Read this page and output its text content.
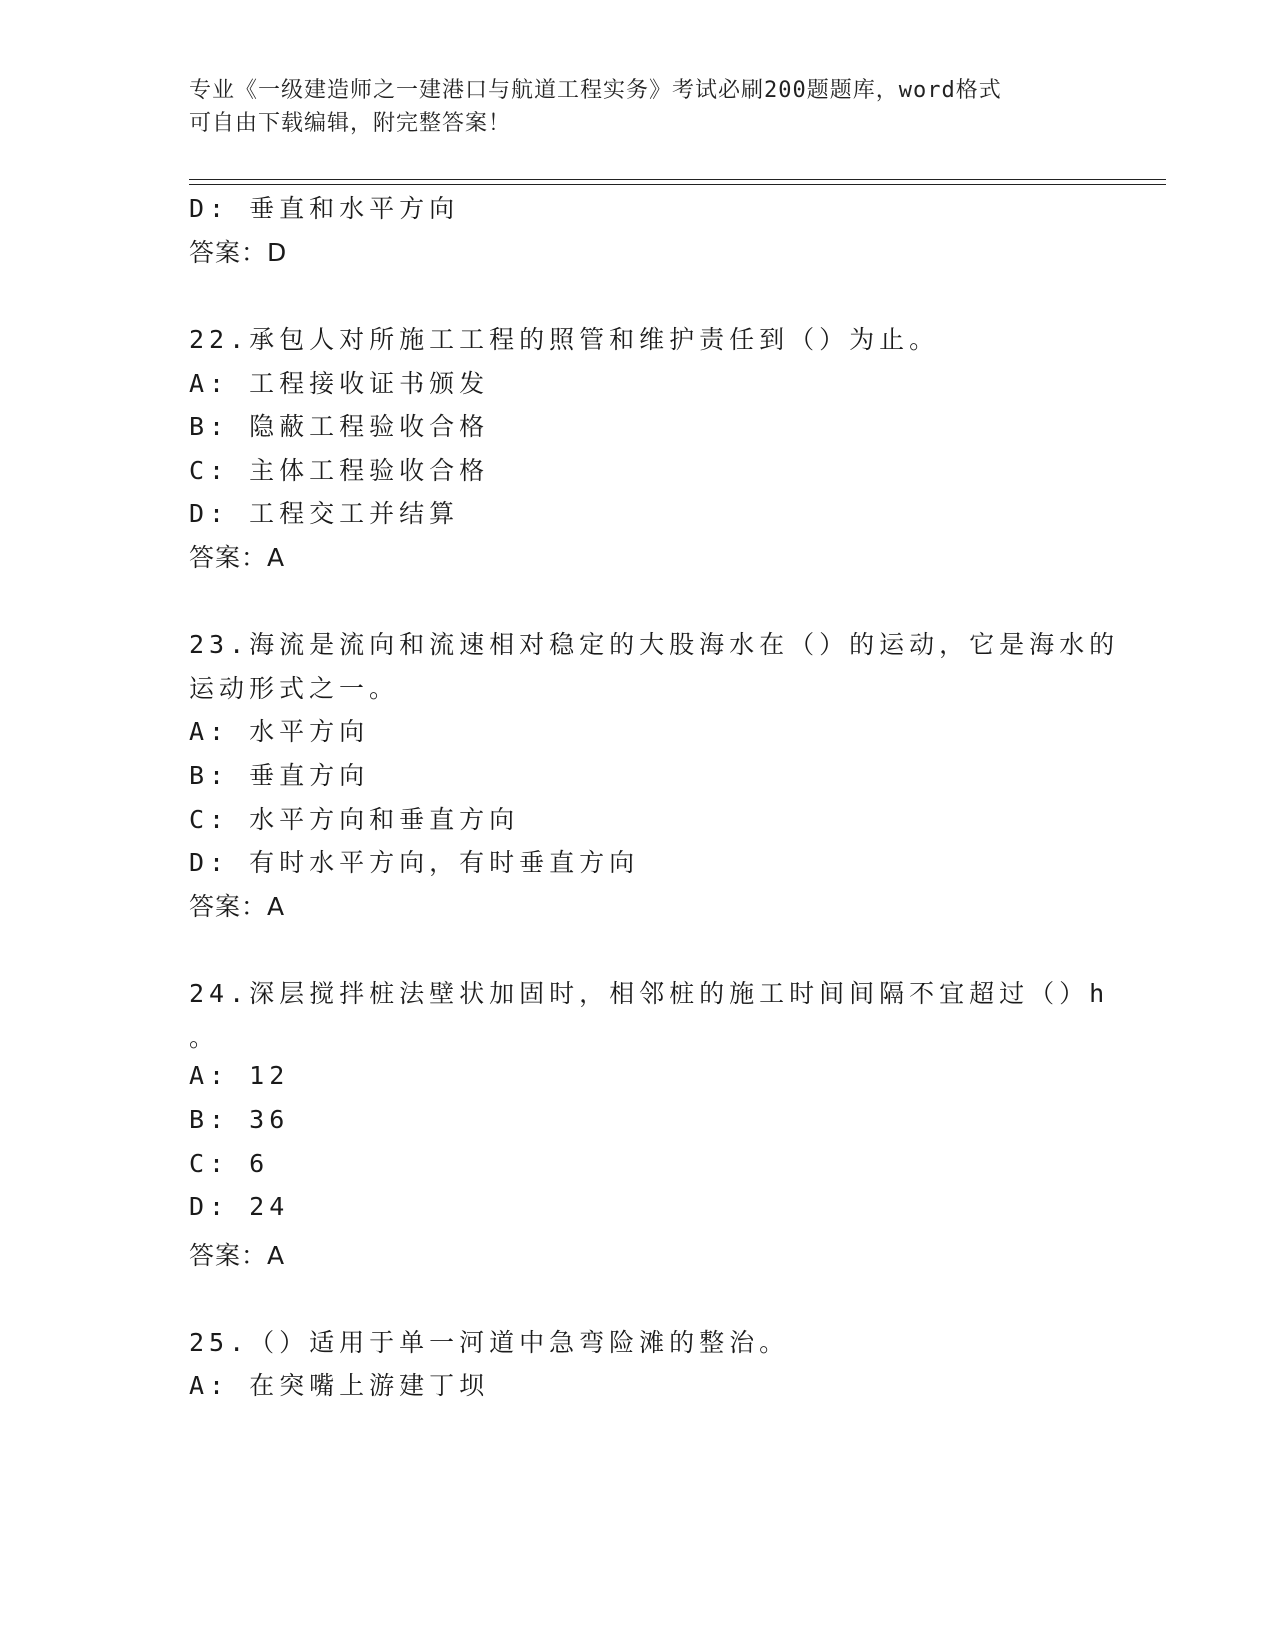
专业《一级建造师之一建港口与航道工程实务》考试必刷200题题库，word格式
可自由下载编辑，附完整答案！
D: 垂直和水平方向
答案：D
22.承包人对所施工工程的照管和维护责任到（）为止。
A: 工程接收证书颁发
B: 隐蔽工程验收合格
C: 主体工程验收合格
D: 工程交工并结算
答案：A
23.海流是流向和流速相对稳定的大股海水在（）的运动，它是海水的
运动形式之一。
A: 水平方向
B: 垂直方向
C: 水平方向和垂直方向
D: 有时水平方向，有时垂直方向
答案：A
24.深层搅拌桩法壁状加固时，相邻桩的施工时间间隔不宜超过（）h
。
A: 12
B: 36
C: 6
D: 24
答案：A
25.（）适用于单一河道中急弯险滩的整治。
A: 在突嘴上游建丁坝
